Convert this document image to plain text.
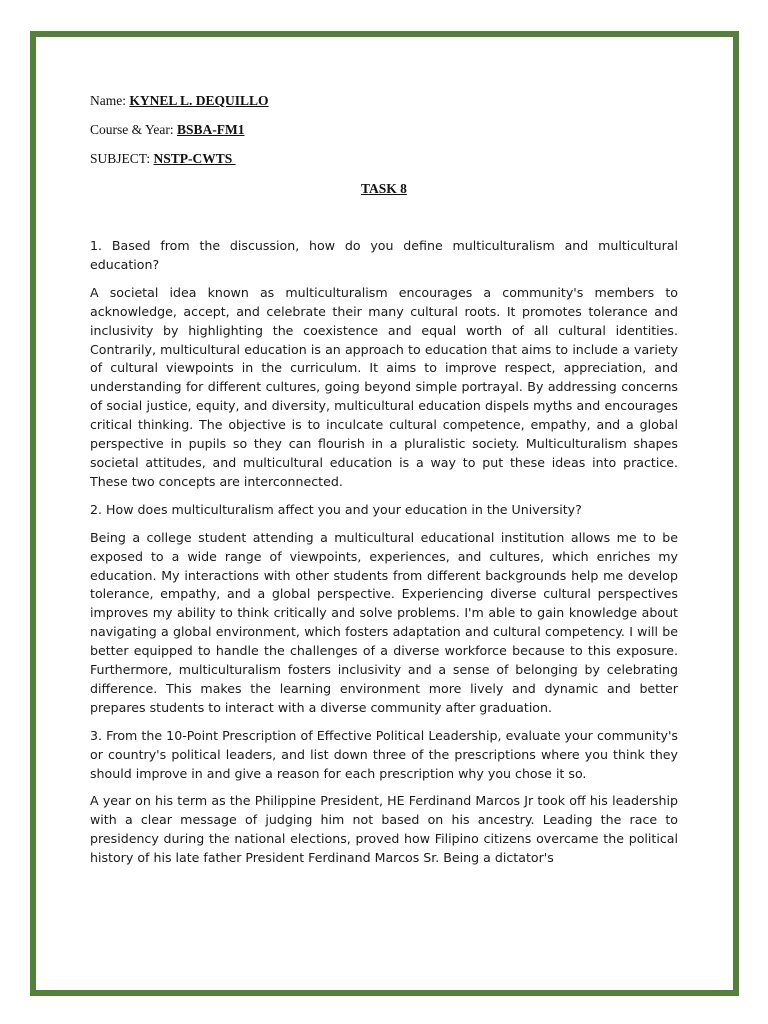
Name: KYNEL L. DEQUILLO
Course & Year: BSBA-FM1
SUBJECT: NSTP-CWTS
TASK 8

1. Based from the discussion, how do you define multiculturalism and multicultural education?

A societal idea known as multiculturalism encourages a community's members to acknowledge, accept, and celebrate their many cultural roots. It promotes tolerance and inclusivity by highlighting the coexistence and equal worth of all cultural identities. Contrarily, multicultural education is an approach to education that aims to include a variety of cultural viewpoints in the curriculum. It aims to improve respect, appreciation, and understanding for different cultures, going beyond simple portrayal. By addressing concerns of social justice, equity, and diversity, multicultural education dispels myths and encourages critical thinking. The objective is to inculcate cultural competence, empathy, and a global perspective in pupils so they can flourish in a pluralistic society. Multiculturalism shapes societal attitudes, and multicultural education is a way to put these ideas into practice. These two concepts are interconnected.

2. How does multiculturalism affect you and your education in the University?

Being a college student attending a multicultural educational institution allows me to be exposed to a wide range of viewpoints, experiences, and cultures, which enriches my education. My interactions with other students from different backgrounds help me develop tolerance, empathy, and a global perspective. Experiencing diverse cultural perspectives improves my ability to think critically and solve problems. I'm able to gain knowledge about navigating a global environment, which fosters adaptation and cultural competency. I will be better equipped to handle the challenges of a diverse workforce because to this exposure. Furthermore, multiculturalism fosters inclusivity and a sense of belonging by celebrating difference. This makes the learning environment more lively and dynamic and better prepares students to interact with a diverse community after graduation.

3. From the 10-Point Prescription of Effective Political Leadership, evaluate your community's or country's political leaders, and list down three of the prescriptions where you think they should improve in and give a reason for each prescription why you chose it so.

A year on his term as the Philippine President, HE Ferdinand Marcos Jr took off his leadership with a clear message of judging him not based on his ancestry. Leading the race to presidency during the national elections, proved how Filipino citizens overcame the political history of his late father President Ferdinand Marcos Sr. Being a dictator's
